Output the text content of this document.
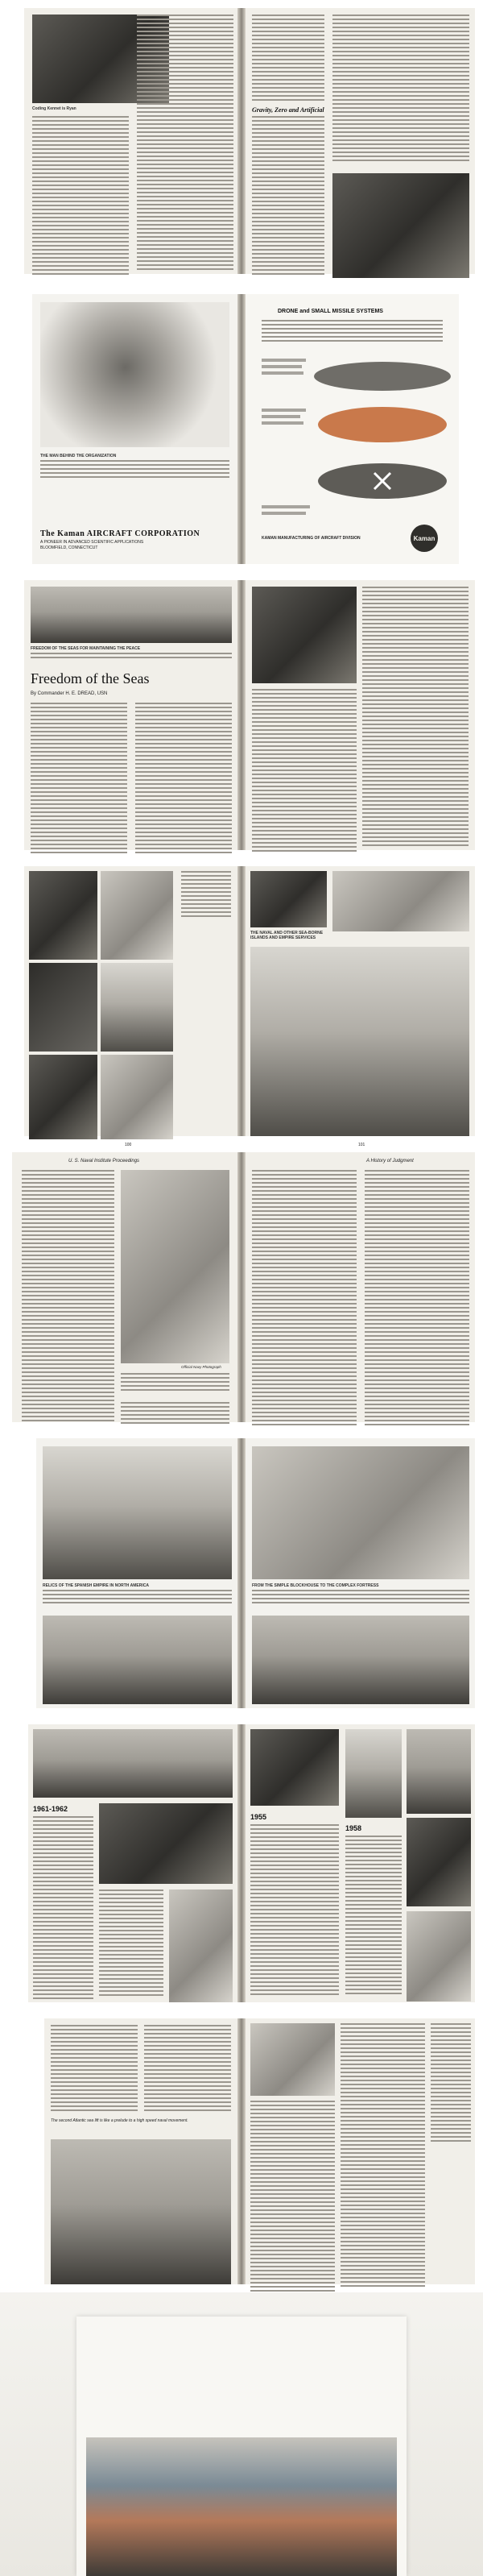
Coding Kennet is Ryan	Gravity, Zero and Artificial
THE MAN BEHIND THE ORGANIZATION
The Kaman AIRCRAFT CORPORATION
A PIONEER IN ADVANCED SCIENTIFIC APPLICATIONS
BLOOMFIELD, CONNECTICUT
DRONE and SMALL MISSILE SYSTEMS
KAMAN MANUFACTURING OF AIRCRAFT DIVISION	Kaman
FREEDOM OF THE SEAS FOR MAINTAINING THE PEACE
Freedom of the Seas
By Commander H. E. DREAD, USN
100
THE NAVAL AND OTHER SEA-BORNE ISLANDS AND EMPIRE SERVICES
101
U. S. Naval Institute Proceedings
Official Navy Photograph
A History of Judgment
RELICS OF THE SPANISH EMPIRE IN NORTH AMERICA	FROM THE SIMPLE BLOCKHOUSE TO THE COMPLEX FORTRESS
1961-1962
1955
1958
The second Atlantic sea lift is like a prelude to a high speed naval movement.
